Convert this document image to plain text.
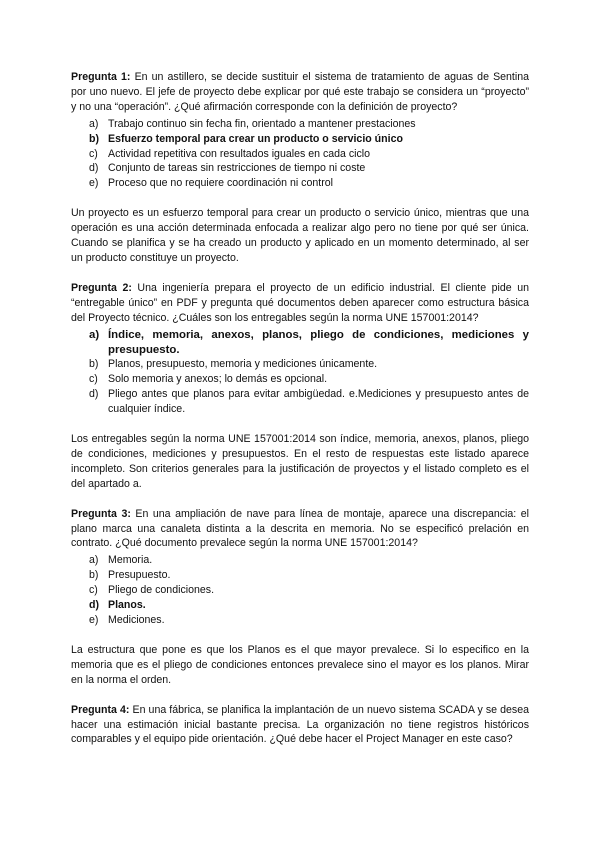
Pregunta 1: En un astillero, se decide sustituir el sistema de tratamiento de aguas de Sentina por uno nuevo. El jefe de proyecto debe explicar por qué este trabajo se considera un “proyecto” y no una “operación”. ¿Qué afirmación corresponde con la definición de proyecto?

a) Trabajo continuo sin fecha fin, orientado a mantener prestaciones
b) Esfuerzo temporal para crear un producto o servicio único
c) Actividad repetitiva con resultados iguales en cada ciclo
d) Conjunto de tareas sin restricciones de tiempo ni coste
e) Proceso que no requiere coordinación ni control

Un proyecto es un esfuerzo temporal para crear un producto o servicio único, mientras que una operación es una acción determinada enfocada a realizar algo pero no tiene por qué ser única. Cuando se planifica y se ha creado un producto y aplicado en un momento determinado, al ser un producto constituye un proyecto.

Pregunta 2: Una ingeniería prepara el proyecto de un edificio industrial. El cliente pide un “entregable único” en PDF y pregunta qué documentos deben aparecer como estructura básica del Proyecto técnico. ¿Cuáles son los entregables según la norma UNE 157001:2014?

a) Índice, memoria, anexos, planos, pliego de condiciones, mediciones y presupuesto.
b) Planos, presupuesto, memoria y mediciones únicamente.
c) Solo memoria y anexos; lo demás es opcional.
d) Pliego antes que planos para evitar ambigüedad. e.Mediciones y presupuesto antes de cualquier índice.

Los entregables según la norma UNE 157001:2014 son índice, memoria, anexos, planos, pliego de condiciones, mediciones y presupuestos. En el resto de respuestas este listado aparece incompleto. Son criterios generales para la justificación de proyectos y el listado completo es el del apartado a.

Pregunta 3: En una ampliación de nave para línea de montaje, aparece una discrepancia: el plano marca una canaleta distinta a la descrita en memoria. No se especificó prelación en contrato. ¿Qué documento prevalece según la norma UNE 157001:2014?

a) Memoria.
b) Presupuesto.
c) Pliego de condiciones.
d) Planos.
e) Mediciones.

La estructura que pone es que los Planos es el que mayor prevalece. Si lo especifico en la memoria que es el pliego de condiciones entonces prevalece sino el mayor es los planos. Mirar en la norma el orden.

Pregunta 4: En una fábrica, se planifica la implantación de un nuevo sistema SCADA y se desea hacer una estimación inicial bastante precisa. La organización no tiene registros históricos comparables y el equipo pide orientación. ¿Qué debe hacer el Project Manager en este caso?
